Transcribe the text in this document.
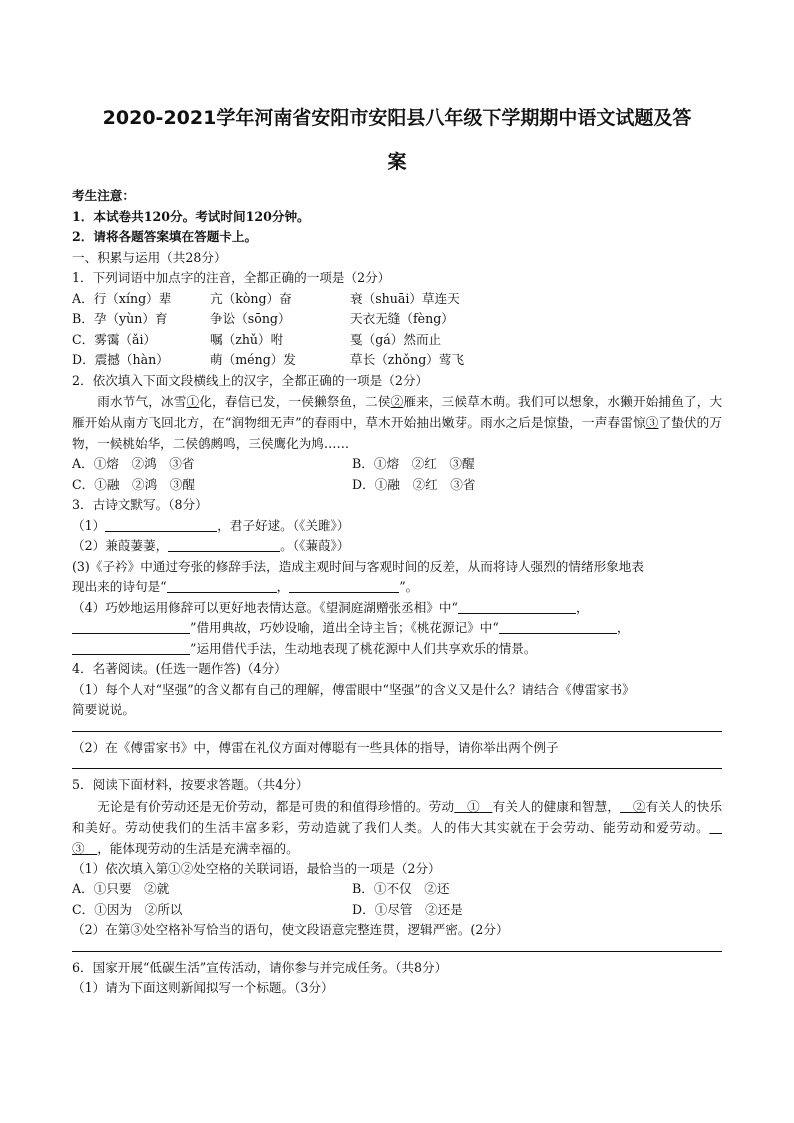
2020-2021学年河南省安阳市安阳县八年级下学期期中语文试题及答
案
考生注意：
1．本试卷共120分。考试时间120分钟。
2．请将各题答案填在答题卡上。
一、积累与运用（共28分）
1．下列词语中加点字的注音，全都正确的一项是（2分）
A．行（xíng）辈	亢（kòng）奋	衰（shuāi）草连天
B．孕（yùn）育	争讼（sōng）	天衣无缝（fèng）
C．雾霭（ǎi）	嘱（zhǔ）咐	戛（gá）然而止
D．震撼（hàn）	萌（méng）发	草长（zhǒng）莺飞
2．依次填入下面文段横线上的汉字，全都正确的一项是（2分）
雨水节气，冰雪①化，春信已发，一侯獭祭鱼，二侯②雁来，三候草木萌。我们可以想象，水獭开始捕鱼了，大雁开始从南方飞回北方，在“润物细无声”的春雨中，草木开始抽出嫩芽。雨水之后是惊蛰，一声春雷惊③了蛰伏的万物，一候桃始华，二侯鸧鹒鸣，三侯鹰化为鸠……
A．①熔　②鸿　③省	B．①熔　②红　③醒
C．①融　②鸿　③醒	D．①融　②红　③省
3．古诗文默写。（8分）
（1）	，君子好逑。（《关雎》）
（2）兼葭萋萋，	。（《蒹葭》）
(3)《子衿》中通过夸张的修辞手法，造成主观时间与客观时间的反差，从而将诗人强烈的情绪形象地表
现出来的诗句是“	，	”。
（4）巧妙地运用修辞可以更好地表情达意。《望洞庭湖赠张丞相》中“	，
”借用典故，巧妙设喻，道出全诗主旨；《桃花源记》中“	，
”运用借代手法，生动地表现了桃花源中人们共享欢乐的情景。
4．名著阅读。(任选一题作答)（4分）
（1）每个人对“坚强”的含义都有自己的理解，傅雷眼中“坚强”的含义又是什么？请结合《傅雷家书》
简要说说。
（2）在《傅雷家书》中，傅雷在礼仪方面对傅聪有一些具体的指导，请你举出两个例子
5．阅读下面材料，按要求答题。（共4分）
无论是有价劳动还是无价劳动，都是可贵的和值得珍惜的。劳动  ①  有关人的健康和智慧，  ②有关人的快乐和美好。劳动使我们的生活丰富多彩，劳动造就了我们人类。人的伟大其实就在于会劳动、能劳动和爱劳动。 ③  ，能体现劳动的生活是充满幸福的。
（1）依次填入第①②处空格的关联词语，最恰当的一项是（2分）
A．①只要　②就	B．①不仅　②还
C．①因为　②所以	D．①尽管　②还是
（2）在第③处空格补写恰当的语句，使文段语意完整连贯，逻辑严密。(2分）
6．国家开展“低碳生活”宣传活动，请你参与并完成任务。（共8分）
（1）请为下面这则新闻拟写一个标题。（3分）
